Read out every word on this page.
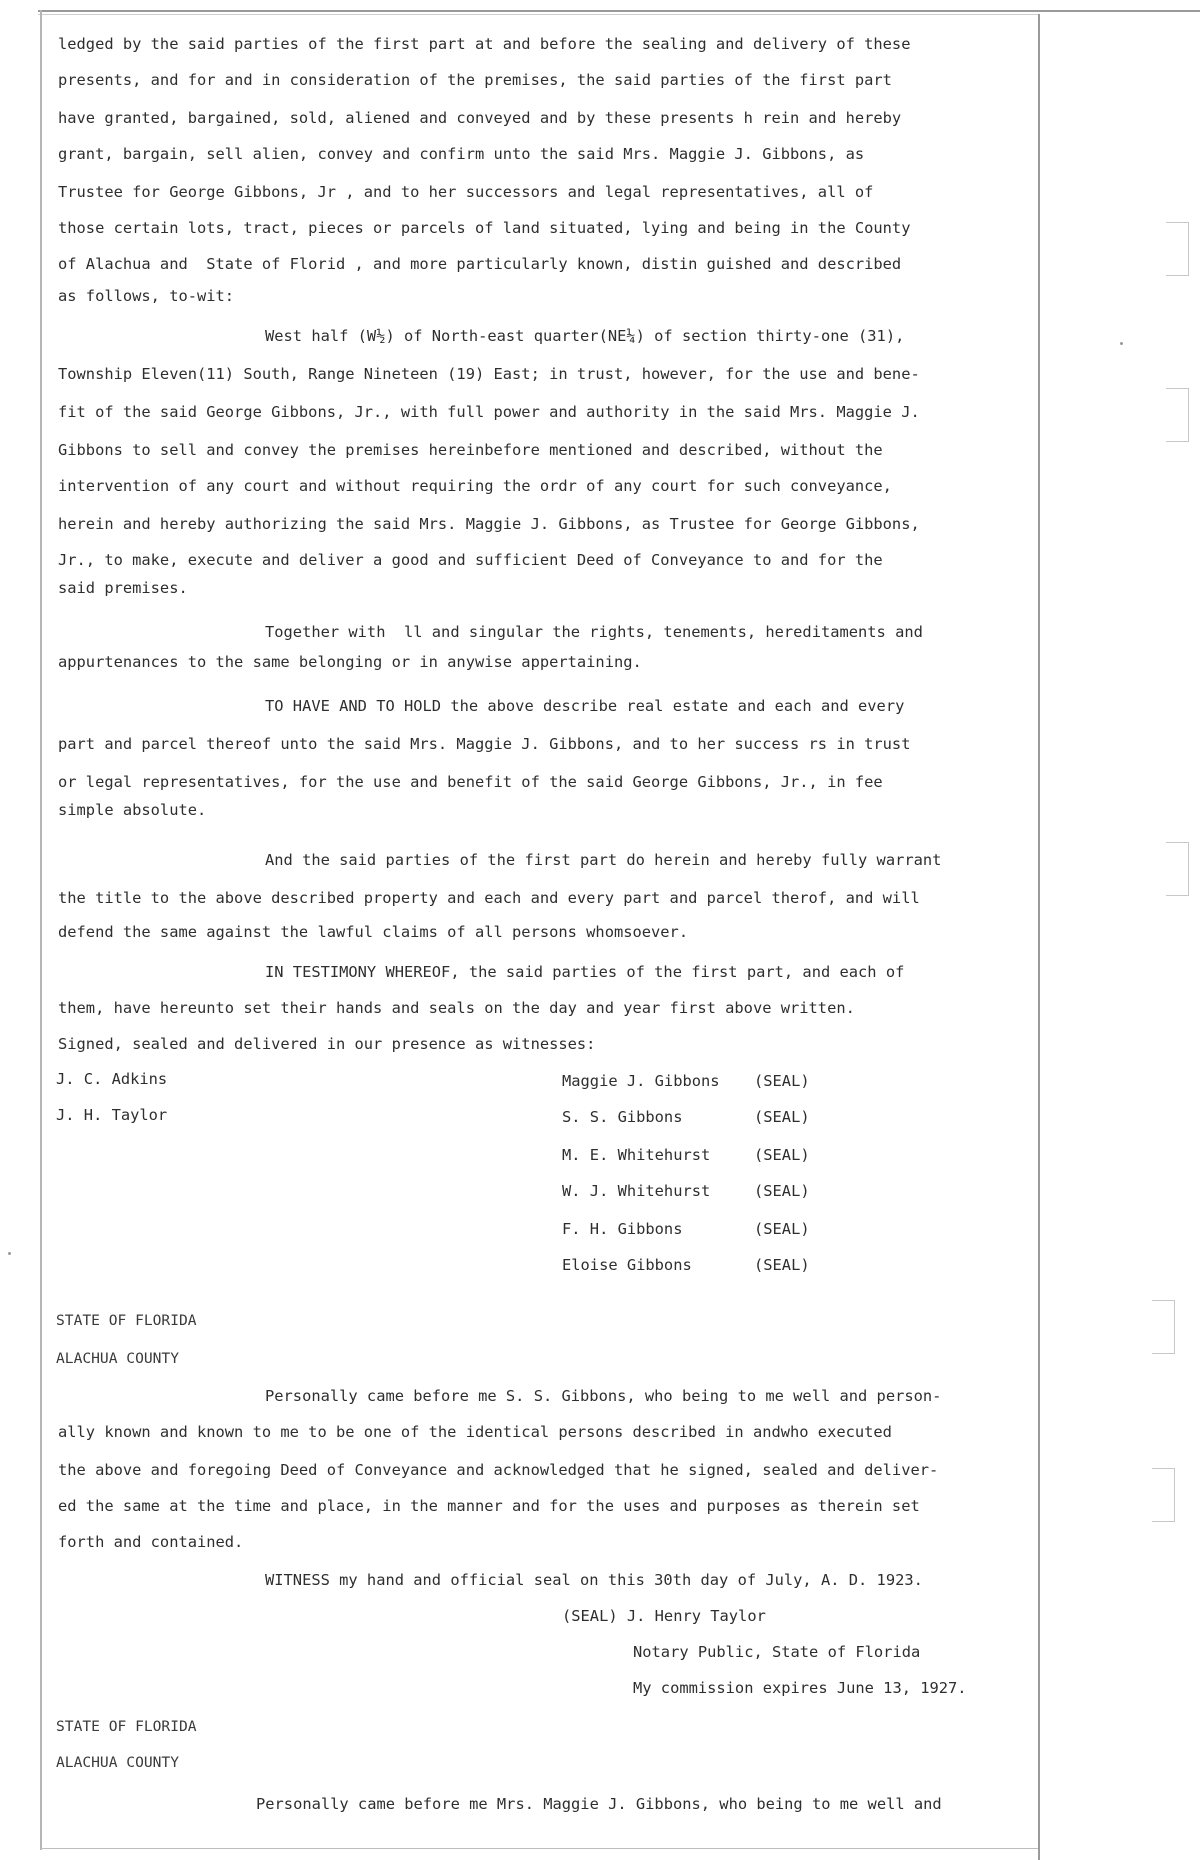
ledged by the said parties of the first part at and before the sealing and delivery of these
presents, and for and in consideration of the premises, the said parties of the first part
have granted, bargained, sold, aliened and conveyed and by these presents h rein and hereby
grant, bargain, sell alien, convey and confirm unto the said Mrs. Maggie J. Gibbons, as
Trustee for George Gibbons, Jr , and to her successors and legal representatives, all of
those certain lots, tract, pieces or parcels of land situated, lying and being in the County
of Alachua and  State of Florid , and more particularly known, distin guished and described
as follows, to-wit:
West half (W½) of North-east quarter(NE¼) of section thirty-one (31),
Township Eleven(11) South, Range Nineteen (19) East; in trust, however, for the use and bene-
fit of the said George Gibbons, Jr., with full power and authority in the said Mrs. Maggie J.
Gibbons to sell and convey the premises hereinbefore mentioned and described, without the
intervention of any court and without requiring the ordr of any court for such conveyance,
herein and hereby authorizing the said Mrs. Maggie J. Gibbons, as Trustee for George Gibbons,
Jr., to make, execute and deliver a good and sufficient Deed of Conveyance to and for the
said premises.
Together with  ll and singular the rights, tenements, hereditaments and
appurtenances to the same belonging or in anywise appertaining.
TO HAVE AND TO HOLD the above describe real estate and each and every
part and parcel thereof unto the said Mrs. Maggie J. Gibbons, and to her success rs in trust
or legal representatives, for the use and benefit of the said George Gibbons, Jr., in fee
simple absolute.
And the said parties of the first part do herein and hereby fully warrant
the title to the above described property and each and every part and parcel therof, and will
defend the same against the lawful claims of all persons whomsoever.
IN TESTIMONY WHEREOF, the said parties of the first part, and each of
them, have hereunto set their hands and seals on the day and year first above written.
Signed, sealed and delivered in our presence as witnesses:
J. C. Adkins
J. H. Taylor
Maggie J. Gibbons (SEAL)
S. S. Gibbons	(SEAL)
M. E. Whitehurst	(SEAL)
W. J. Whitehurst	(SEAL)
F. H. Gibbons	(SEAL)
Eloise Gibbons	(SEAL)
STATE OF FLORIDA
ALACHUA COUNTY
Personally came before me S. S. Gibbons, who being to me well and person-
ally known and known to me to be one of the identical persons described in andwho executed
the above and foregoing Deed of Conveyance and acknowledged that he signed, sealed and deliver-
ed the same at the time and place, in the manner and for the uses and purposes as therein set
forth and contained.
WITNESS my hand and official seal on this 30th day of July, A. D. 1923.
(SEAL) J. Henry Taylor
Notary Public, State of Florida
My commission expires June 13, 1927.
STATE OF FLORIDA
ALACHUA COUNTY
Personally came before me Mrs. Maggie J. Gibbons, who being to me well and
